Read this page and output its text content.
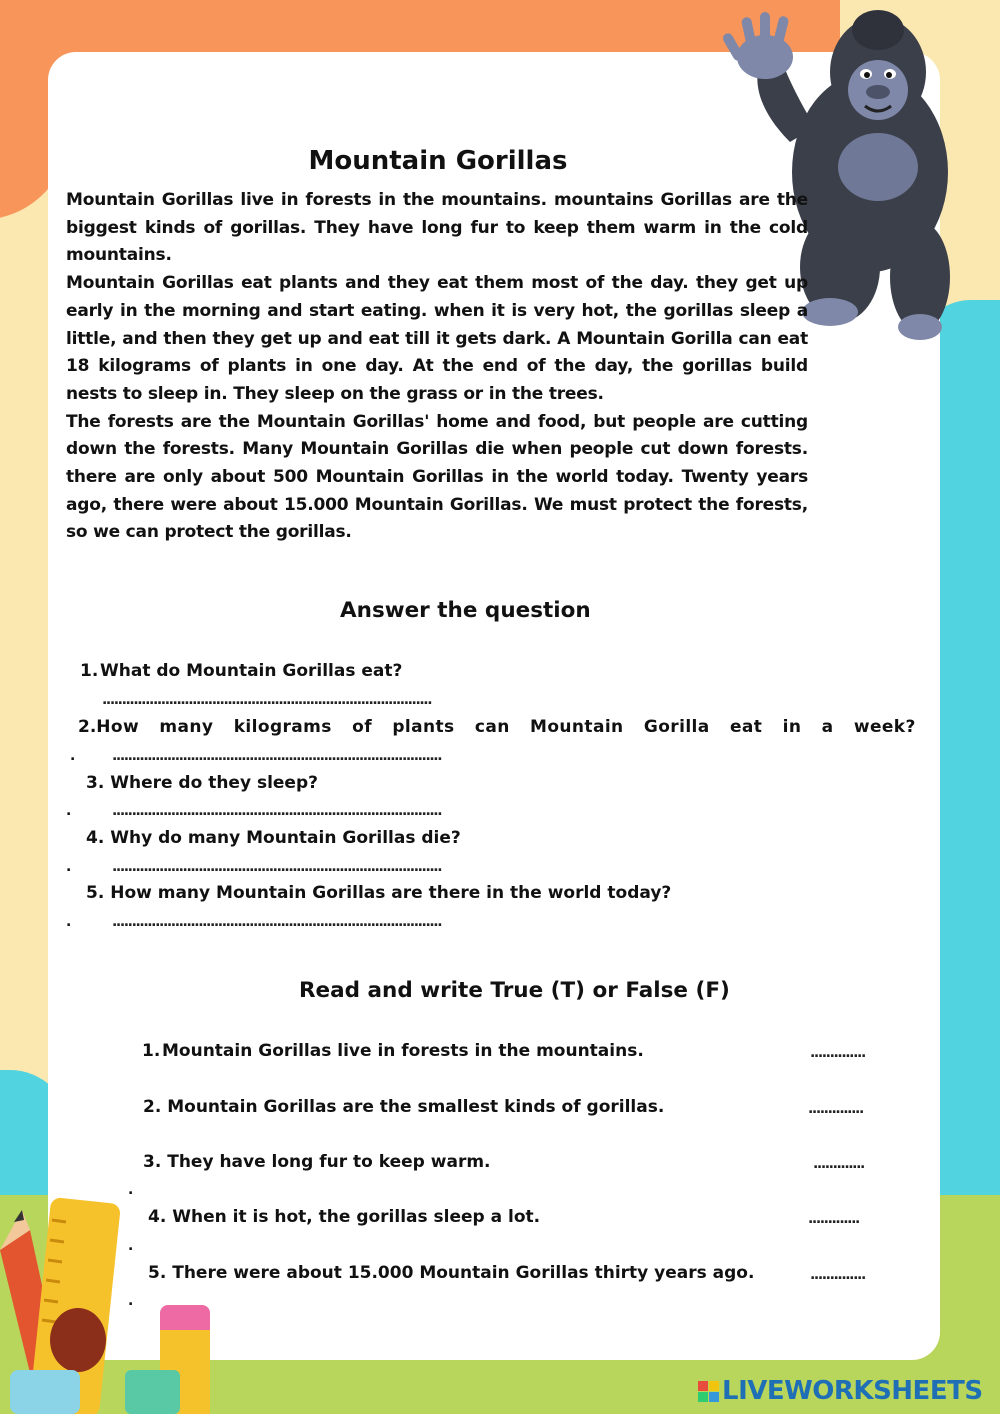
Mountain Gorillas

Mountain Gorillas live in forests in the mountains. mountains Gorillas are the biggest kinds of gorillas. They have long fur to keep them warm in the cold mountains.

Mountain Gorillas eat plants and they eat them most of the day. they get up early in the morning and start eating. when it is very hot, the gorillas sleep a little, and then they get up and eat till it gets dark. A Mountain Gorilla can eat 18 kilograms of plants in one day. At the end of the day, the gorillas build nests to sleep in. They sleep on the grass or in the trees.

The forests are the Mountain Gorillas' home and food, but people are cutting down the forests. Many Mountain Gorillas die when people cut down forests. there are only about 500 Mountain Gorillas in the world today. Twenty years ago, there were about 15.000 Mountain Gorillas. We must protect the forests, so we can protect the gorillas.

Answer the question
1. What do Mountain Gorillas eat?
....................................................................................
2. How many kilograms of plants can Mountain Gorilla eat in a week?
.	....................................................................................
3. Where do they sleep?
.	....................................................................................
4. Why do many Mountain Gorillas die?
.	....................................................................................
5. How many Mountain Gorillas are there in the world today?
.	....................................................................................
Read and write True (T) or False (F)
1. Mountain Gorillas live in forests in the mountains.	..............
2. Mountain Gorillas are the smallest kinds of gorillas.	..............
3. They have long fur to keep warm.	.............
.
4. When it is hot, the gorillas sleep a lot.	.............
.
5. There were about 15.000 Mountain Gorillas thirty years ago.	..............
.
LIVEWORKSHEETS
